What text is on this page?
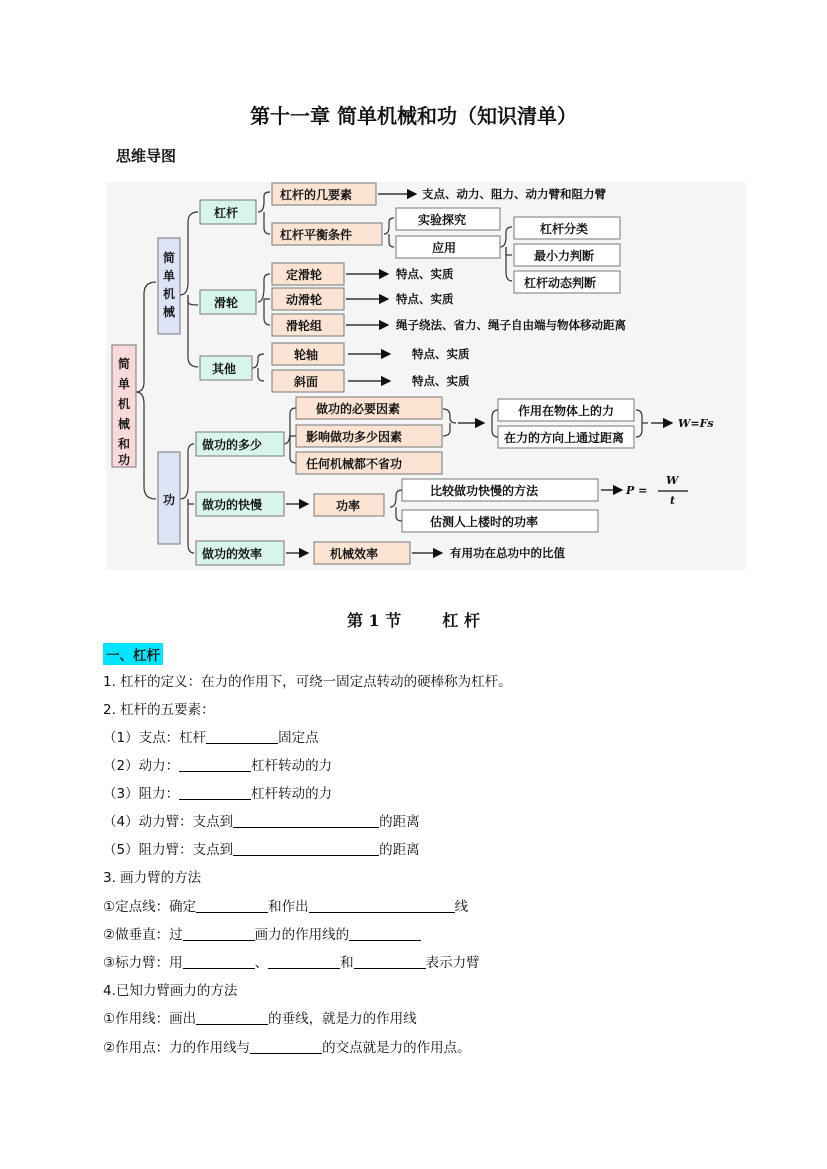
第十一章 简单机械和功（知识清单）
思维导图
简单机械和功
简单机械
功
杠杆
滑轮
其他
做功的多少
做功的快慢
做功的效率
杠杆的几要素
杠杆平衡条件
实验探究
应用
杠杆分类
最小力判断
杠杆动态判断
定滑轮
动滑轮
滑轮组
轮轴
斜面
做功的必要因素
影响做功多少因素
任何机械都不省功
作用在物体上的力
在力的方向上通过距离
功率
比较做功快慢的方法
估测人上楼时的功率
机械效率
支点、动力、阻力、动力臂和阻力臂
特点、实质
特点、实质
绳子绕法、省力、绳子自由端与物体移动距离
特点、实质
特点、实质
有用功在总功中的比值
W=Fs
P =
W
t
第 1 节	杠 杆
一、杠杆
1. 杠杆的定义：在力的作用下，可绕一固定点转动的硬棒称为杠杆。
2. 杠杆的五要素：
（1）支点：杠杆	固定点
（2）动力：	杠杆转动的力
（3）阻力：	杠杆转动的力
（4）动力臂：支点到	的距离
（5）阻力臂：支点到	的距离
3. 画力臂的方法
①定点线：确定	和作出	线
②做垂直：过	画力的作用线的
③标力臂：用	、	和	表示力臂
4.已知力臂画力的方法
①作用线：画出	的垂线，就是力的作用线
②作用点：力的作用线与	的交点就是力的作用点。
